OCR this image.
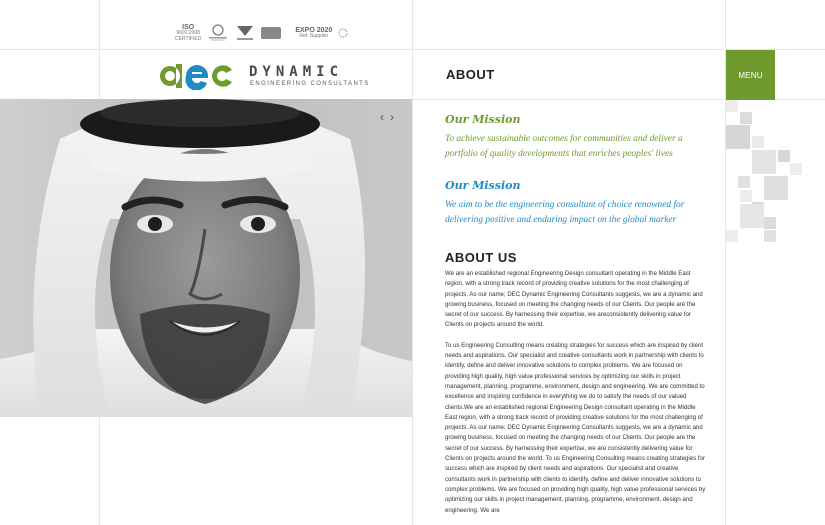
ISO
9001:2008
CERTIFIED
EXPO 2020
Ref. Supplier
DYNAMIC
ENGINEERING CONSULTANTS
ABOUT	MENU
‹ ›	Our Mission
To achieve sustainable outcomes for communities and deliver a portfolio of quality developments that enriches peoples' lives
Our Mission
We aim to be the engineering consultant of choice renowned for delivering positive and enduring impact on the global marker
ABOUT US

We are an established regional Engineering Design consultant operating in the Middle East region, with a strong track record of providing creative solutions for the most challenging of projects. As our name; DEC Dynamic Engineering Consultants suggests, we are a dynamic and growing business, focused on meeting the changing needs of our Clients. Our people are the secret of our success. By harnessing their expertise, we areconsistently delivering value for Clients on projects around the world.

To us Engineering Consulting means creating strategies for success which are inspired by client needs and aspirations. Our specialist and creative consultants work in partnership with clients to identify, define and deliver innovative solutions to complex problems. We are focused on providing high quality, high value professional services by optimizing our skills in project management, planning, programme, environment, design and engineering. We are committed to excellence and inspiring confidence in everything we do to satisfy the needs of our valued clients.We are an established regional Engineering Design consultant operating in the Middle East region, with a strong track record of providing creative solutions for the most challenging of projects. As our name; DEC Dynamic Engineering Consultants suggests, we are a dynamic and growing business, focused on meeting the changing needs of our Clients. Our people are the secret of our success. By harnessing their expertise, we are consistently delivering value for Clients on projects around the world. To us Engineering Consulting means creating strategies for success which are inspired by client needs and aspirations. Our specialist and creative consultants work in partnership with clients to identify, define and deliver innovative solutions to complex problems. We are focused on providing high quality, high value professional services by optimizing our skills in project management, planning, programme, environment, design and engineering. We are
